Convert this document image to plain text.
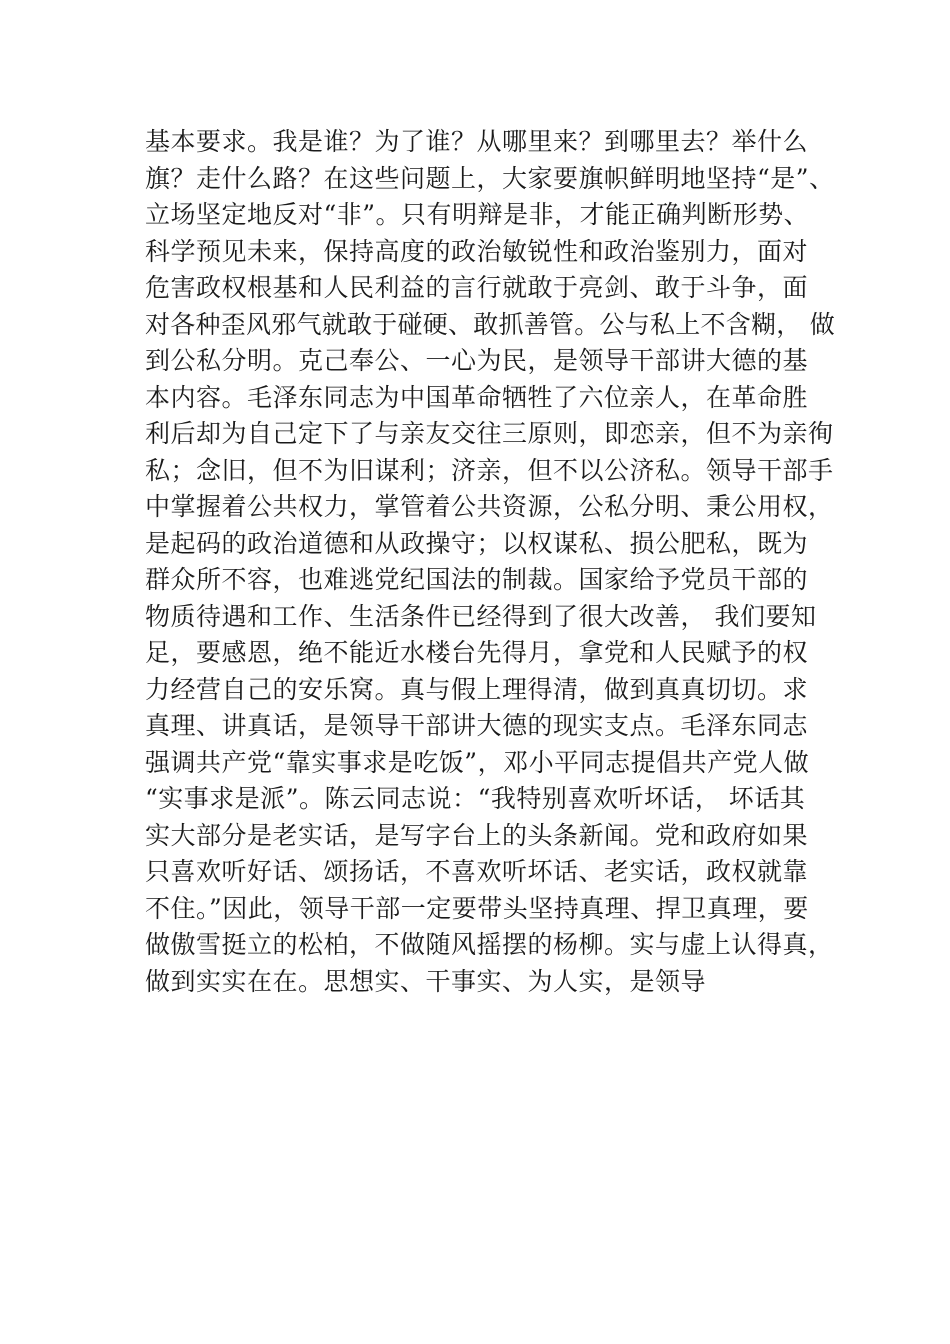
基本要求。我是谁？为了谁？从哪里来？到哪里去？举什么
旗？走什么路？在这些问题上，大家要旗帜鲜明地坚持“是”、
立场坚定地反对“非”。只有明辩是非，才能正确判断形势、
科学预见未来，保持高度的政治敏锐性和政治鉴别力，面对
危害政权根基和人民利益的言行就敢于亮剑、敢于斗争，面
对各种歪风邪气就敢于碰硬、敢抓善管。公与私上不含糊， 做
到公私分明。克己奉公、一心为民，是领导干部讲大德的基
本内容。毛泽东同志为中国革命牺牲了六位亲人，在革命胜
利后却为自己定下了与亲友交往三原则，即恋亲，但不为亲徇
私；念旧，但不为旧谋利；济亲，但不以公济私。领导干部手
中掌握着公共权力，掌管着公共资源，公私分明、秉公用权，
是起码的政治道德和从政操守；以权谋私、损公肥私，既为
群众所不容，也难逃党纪国法的制裁。国家给予党员干部的
物质待遇和工作、生活条件已经得到了很大改善， 我们要知
足，要感恩，绝不能近水楼台先得月，拿党和人民赋予的权
力经营自己的安乐窝。真与假上理得清，做到真真切切。求
真理、讲真话，是领导干部讲大德的现实支点。毛泽东同志
强调共产党“靠实事求是吃饭”，邓小平同志提倡共产党人做
“实事求是派”。陈云同志说：“我特别喜欢听坏话， 坏话其
实大部分是老实话，是写字台上的头条新闻。党和政府如果
只喜欢听好话、颂扬话，不喜欢听坏话、老实话，政权就靠
不住。”因此，领导干部一定要带头坚持真理、捍卫真理，要
做傲雪挺立的松柏，不做随风摇摆的杨柳。实与虚上认得真，
做到实实在在。思想实、干事实、为人实，是领导
